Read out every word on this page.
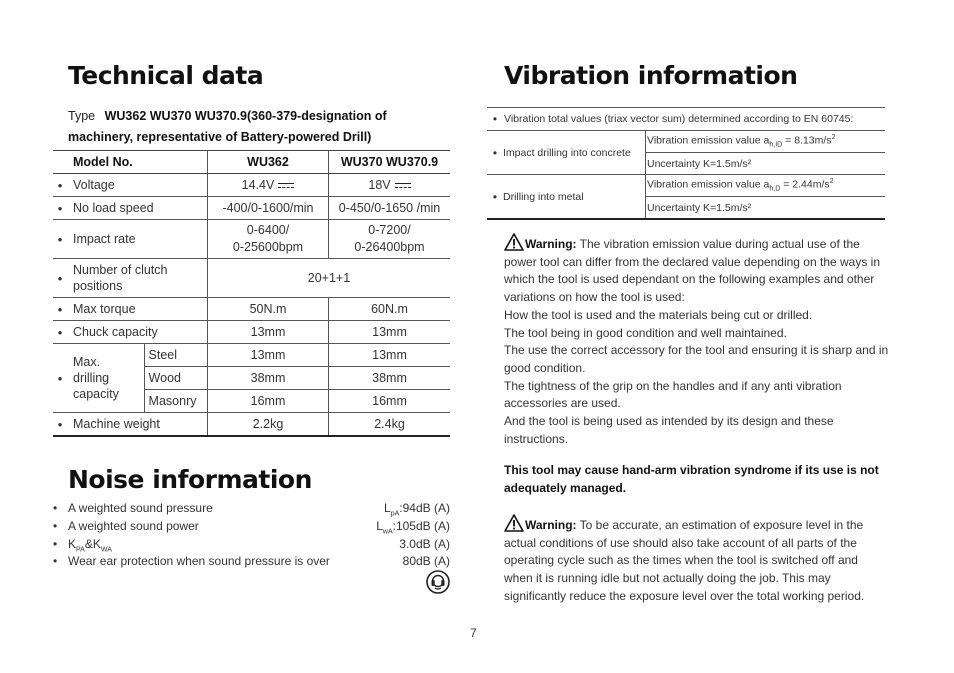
Technical data
Type WU362 WU370 WU370.9(360-379-designation of
machinery, representative of Battery-powered Drill)
	Model No.		WU362	WU370 WU370.9
•	Voltage		14.4V	18V
•	No load speed		-400/0-1600/min	0-450/0-1650 /min
•	Impact rate		0-6400/
0-25600bpm	0-7200/
0-26400bpm
•	Number of clutch
positions		20+1+1	
•	Max torque		50N.m	60N.m
•	Chuck capacity		13mm	13mm
•	Max.
drilling
capacity	Steel	13mm	13mm
		Wood	38mm	38mm
		Masonry	16mm	16mm
•	Machine weight		2.2kg	2.4kg
Noise information
• A weighted sound pressure	$L_{pA}:94dB$ (A)
• A weighted sound power	$L_{wA}:105dB$ (A)
• $K_{PA}\&K_{WA}$	3.0dB (A)
• Wear ear protection when sound pressure is over	80dB (A)
Vibration information
•	Vibration total values (triax vector sum) determined according to EN 60745:	
•	Impact drilling into concrete	Vibration emission value $a_{h,ID} = 8.13m/s^2$
		Uncertainty K=1.5m/s²
•	Drilling into metal	Vibration emission value $a_{h,D} = 2.44m/s^2$
		Uncertainty K=1.5m/s²
Warning: The vibration emission value during actual use of the power tool can differ from the declared value depending on the ways in which the tool is used dependant on the following examples and other variations on how the tool is used:
How the tool is used and the materials being cut or drilled.
The tool being in good condition and well maintained.
The use the correct accessory for the tool and ensuring it is sharp and in good condition.
The tightness of the grip on the handles and if any anti vibration accessories are used.
And the tool is being used as intended by its design and these instructions.
This tool may cause hand-arm vibration syndrome if its use is not adequately managed.
Warning: To be accurate, an estimation of exposure level in the actual conditions of use should also take account of all parts of the operating cycle such as the times when the tool is switched off and when it is running idle but not actually doing the job. This may significantly reduce the exposure level over the total working period.
7
